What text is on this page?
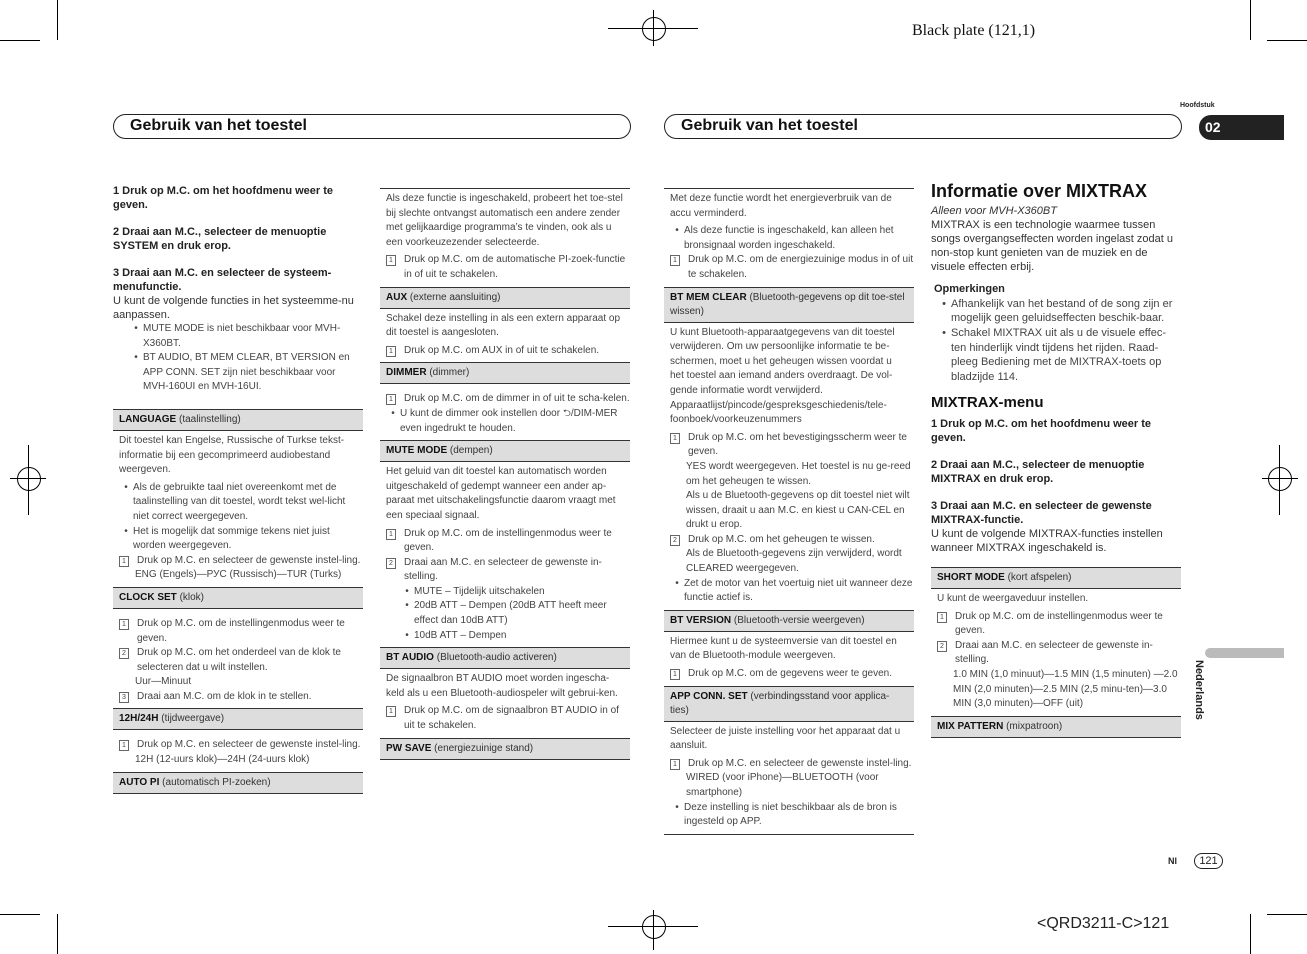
Black plate (121,1)
Hoofdstuk
02
Gebruik van het toestel	Gebruik van het toestel
1 Druk op M.C. om het hoofdmenu weer te geven.
2 Draai aan M.C., selecteer de menuoptie SYSTEM en druk erop.
3 Draai aan M.C. en selecteer de systeem-menufunctie.
U kunt de volgende functies in het systeemme-nu aanpassen.
• MUTE MODE is niet beschikbaar voor MVH-X360BT.
• BT AUDIO, BT MEM CLEAR, BT VERSION en APP CONN. SET zijn niet beschikbaar voor MVH-160UI en MVH-16UI.
LANGUAGE (taalinstelling)
Dit toestel kan Engelse, Russische of Turkse tekst-informatie bij een gecomprimeerd audiobestand weergeven.
• Als de gebruikte taal niet overeenkomt met de taalinstelling van dit toestel, wordt tekst wel-licht niet correct weergegeven.
• Het is mogelijk dat sommige tekens niet juist worden weergegeven.
1	Druk op M.C. en selecteer de gewenste instel-ling.
ENG (Engels)—РУС (Russisch)—TUR (Turks)
CLOCK SET (klok)
1	Druk op M.C. om de instellingenmodus weer te geven.
2	Druk op M.C. om het onderdeel van de klok te selecteren dat u wilt instellen.
Uur—Minuut
3	Draai aan M.C. om de klok in te stellen.
12H/24H (tijdweergave)
1	Druk op M.C. en selecteer de gewenste instel-ling.
12H (12-uurs klok)—24H (24-uurs klok)
AUTO PI (automatisch PI-zoeken)
Als deze functie is ingeschakeld, probeert het toe-stel bij slechte ontvangst automatisch een andere zender met gelijkaardige programma’s te vinden, ook als u een voorkeuzezender selecteerde.
1	Druk op M.C. om de automatische PI-zoek-functie in of uit te schakelen.
AUX (externe aansluiting)
Schakel deze instelling in als een extern apparaat op dit toestel is aangesloten.
1	Druk op M.C. om AUX in of uit te schakelen.
DIMMER (dimmer)
1	Druk op M.C. om de dimmer in of uit te scha-kelen.
• U kunt de dimmer ook instellen door ⮌/DIM-MER even ingedrukt te houden.
MUTE MODE (dempen)
Het geluid van dit toestel kan automatisch worden uitgeschakeld of gedempt wanneer een ander ap-paraat met uitschakelingsfunctie daarom vraagt met een speciaal signaal.
1	Druk op M.C. om de instellingenmodus weer te geven.
2	Draai aan M.C. en selecteer de gewenste in-stelling.
• MUTE – Tijdelijk uitschakelen
• 20dB ATT – Dempen (20dB ATT heeft meer effect dan 10dB ATT)
• 10dB ATT – Dempen
BT AUDIO (Bluetooth-audio activeren)
De signaalbron BT AUDIO moet worden ingescha-keld als u een Bluetooth-audiospeler wilt gebrui-ken.
1	Druk op M.C. om de signaalbron BT AUDIO in of uit te schakelen.
PW SAVE (energiezuinige stand)
Met deze functie wordt het energieverbruik van de accu verminderd.
• Als deze functie is ingeschakeld, kan alleen het bronsignaal worden ingeschakeld.
1	Druk op M.C. om de energiezuinige modus in of uit te schakelen.
BT MEM CLEAR (Bluetooth-gegevens op dit toe-stel wissen)
U kunt Bluetooth-apparaatgegevens van dit toestel verwijderen. Om uw persoonlijke informatie te be-schermen, moet u het geheugen wissen voordat u het toestel aan iemand anders overdraagt. De vol-gende informatie wordt verwijderd. Apparaatlijst/pincode/gespreksgeschiedenis/tele-foonboek/voorkeuzenummers
1	Druk op M.C. om het bevestigingsscherm weer te geven.
YES wordt weergegeven. Het toestel is nu ge-reed om het geheugen te wissen.
Als u de Bluetooth-gegevens op dit toestel niet wilt wissen, draait u aan M.C. en kiest u CAN-CEL en drukt u erop.
2	Druk op M.C. om het geheugen te wissen.
Als de Bluetooth-gegevens zijn verwijderd, wordt CLEARED weergegeven.
• Zet de motor van het voertuig niet uit wanneer deze functie actief is.
BT VERSION (Bluetooth-versie weergeven)
Hiermee kunt u de systeemversie van dit toestel en van de Bluetooth-module weergeven.
1	Druk op M.C. om de gegevens weer te geven.
APP CONN. SET (verbindingsstand voor applica-ties)
Selecteer de juiste instelling voor het apparaat dat u aansluit.
1	Druk op M.C. en selecteer de gewenste instel-ling.
WIRED (voor iPhone)—BLUETOOTH (voor smartphone)
• Deze instelling is niet beschikbaar als de bron is ingesteld op APP.
Informatie over MIXTRAX
Alleen voor MVH-X360BT
MIXTRAX is een technologie waarmee tussen songs overgangseffecten worden ingelast zodat u non-stop kunt genieten van de muziek en de visuele effecten erbij.
Opmerkingen
• Afhankelijk van het bestand of de song zijn er mogelijk geen geluidseffecten beschik-baar.
• Schakel MIXTRAX uit als u de visuele effec-ten hinderlijk vindt tijdens het rijden. Raad-pleeg Bediening met de MIXTRAX-toets op bladzijde 114.
MIXTRAX-menu
1 Druk op M.C. om het hoofdmenu weer te geven.
2 Draai aan M.C., selecteer de menuoptie MIXTRAX en druk erop.
3 Draai aan M.C. en selecteer de gewenste MIXTRAX-functie.
U kunt de volgende MIXTRAX-functies instellen wanneer MIXTRAX ingeschakeld is.
SHORT MODE (kort afspelen)
U kunt de weergaveduur instellen.
1	Druk op M.C. om de instellingenmodus weer te geven.
2	Draai aan M.C. en selecteer de gewenste in-stelling.
1.0 MIN (1,0 minuut)—1.5 MIN (1,5 minuten) —2.0 MIN (2,0 minuten)—2.5 MIN (2,5 minu-ten)—3.0 MIN (3,0 minuten)—OFF (uit)
MIX PATTERN (mixpatroon)
Nederlands
Nl	121
<QRD3211-C>121
